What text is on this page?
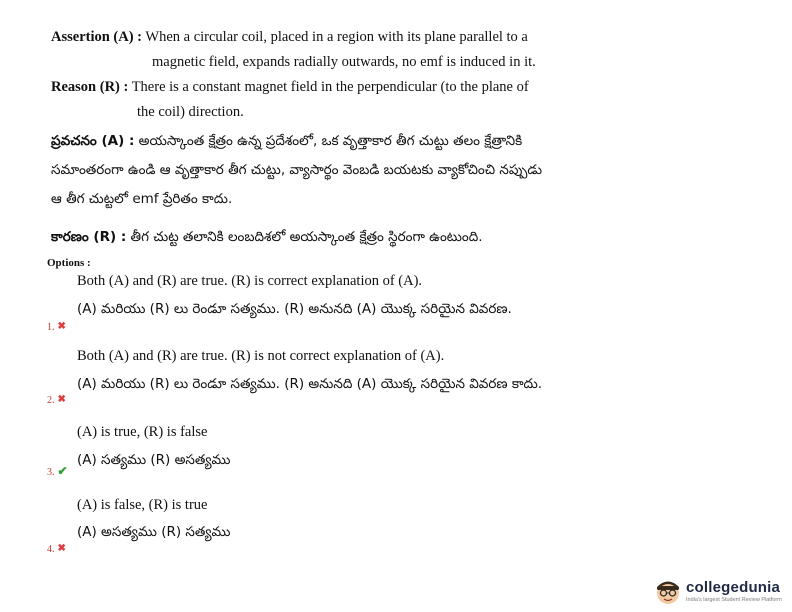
Assertion (A) : When a circular coil, placed in a region with its plane parallel to a
magnetic field, expands radially outwards, no emf is induced in it.
Reason (R) : There is a constant magnet field in the perpendicular (to the plane of
the coil) direction.
ప్రవచనం (A) : అయస్కాంత క్షేత్రం ఉన్న ప్రదేశంలో, ఒక వృత్తాకార తీగ చుట్టు తలం క్షేత్రానికి
సమాంతరంగా ఉండి ఆ వృత్తాకార తీగ చుట్టు, వ్యాసార్థం వెంబడి బయటకు వ్యాకోచించి నప్పుడు
ఆ తీగ చుట్టలో emf ప్రేరితం కాదు.
కారణం (R) : తీగ చుట్ట తలానికి లంబదిశలో అయస్కాంత క్షేత్రం స్థిరంగా ఉంటుంది.
Options :
Both (A) and (R) are true. (R) is correct explanation of (A).
(A) మరియు (R) లు రెండూ సత్యము. (R) అనునది (A) యొక్క సరియైన వివరణ.
1. ✖
Both (A) and (R) are true. (R) is not correct explanation of (A).
(A) మరియు (R) లు రెండూ సత్యము. (R) అనునది (A) యొక్క సరియైన వివరణ కాదు.
2. ✖
(A) is true, (R) is false
(A) సత్యము (R) అసత్యము
3. ✔
(A) is false, (R) is true
(A) అసత్యము (R) సత్యము
4. ✖
collegedunia
India's largest Student Review Platform
